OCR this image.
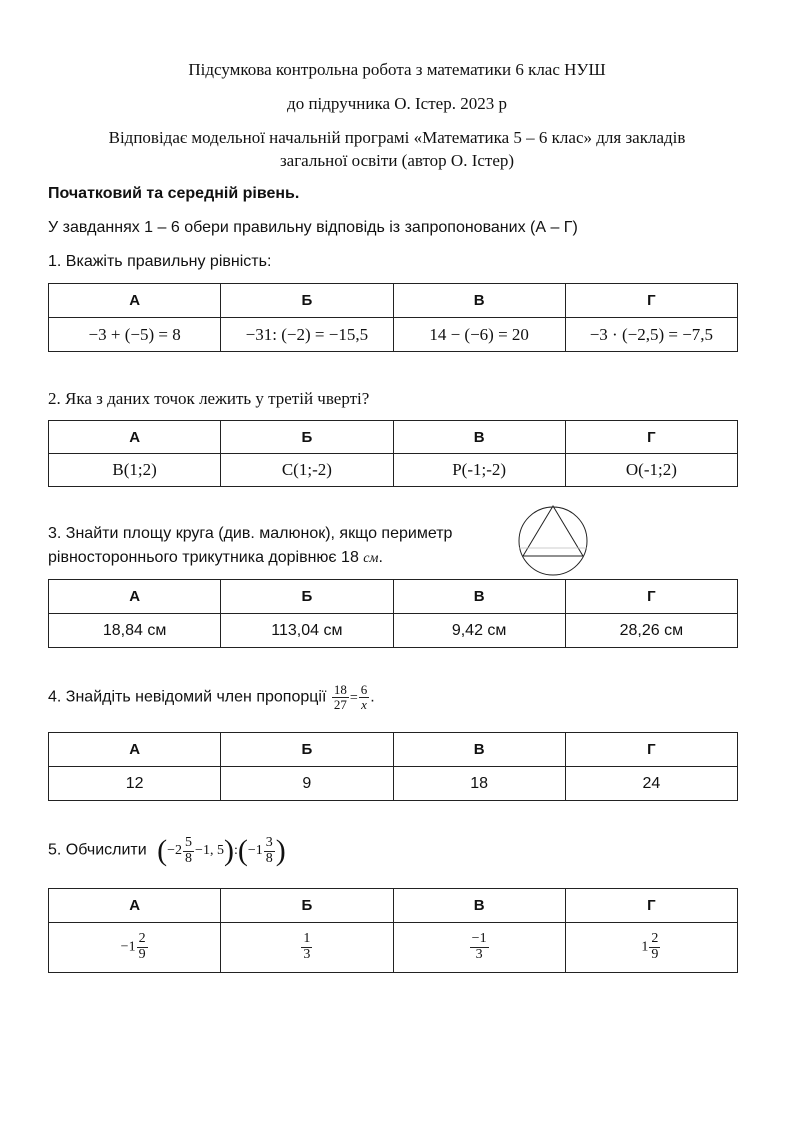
Підсумкова контрольна робота з математики 6 клас НУШ
до підручника О. Істер. 2023 р
Відповідає модельної начальній програмі «Математика 5 – 6 клас» для закладів
загальної освіти (автор О. Істер)
Початковий та середній рівень.
У завданнях 1 – 6 обери правильну відповідь із запропонованих (А – Г)
1. Вкажіть правильну рівність:
А	Б	В	Г
−3 + (−5) = 8	−31: (−2) = −15,5	14 − (−6) = 20	−3 · (−2,5) = −7,5
2. Яка з даних точок лежить у третій чверті?
А	Б	В	Г
В(1;2)	С(1;-2)	Р(-1;-2)	О(-1;2)
3. Знайти площу круга (див. малюнок), якщо периметр
рівностороннього трикутника дорівнює 18 см.
А	Б	В	Г
18,84 см	113,04 см	9,42 см	28,26 см
4. Знайдіть невідомий член пропорції $\frac{18}{27} = \frac{6}{x}$ .
А	Б	В	Г
12	9	18	24
5. Обчислити ($-2 \frac{5}{8} -1$, 5):(−1 $\frac{3}{8}$ )
А	Б	В	Г
$-1 \frac{2}{9}$	$\frac{1}{3}$	$\frac{-1}{3}$	$1 \frac{2}{9}$
